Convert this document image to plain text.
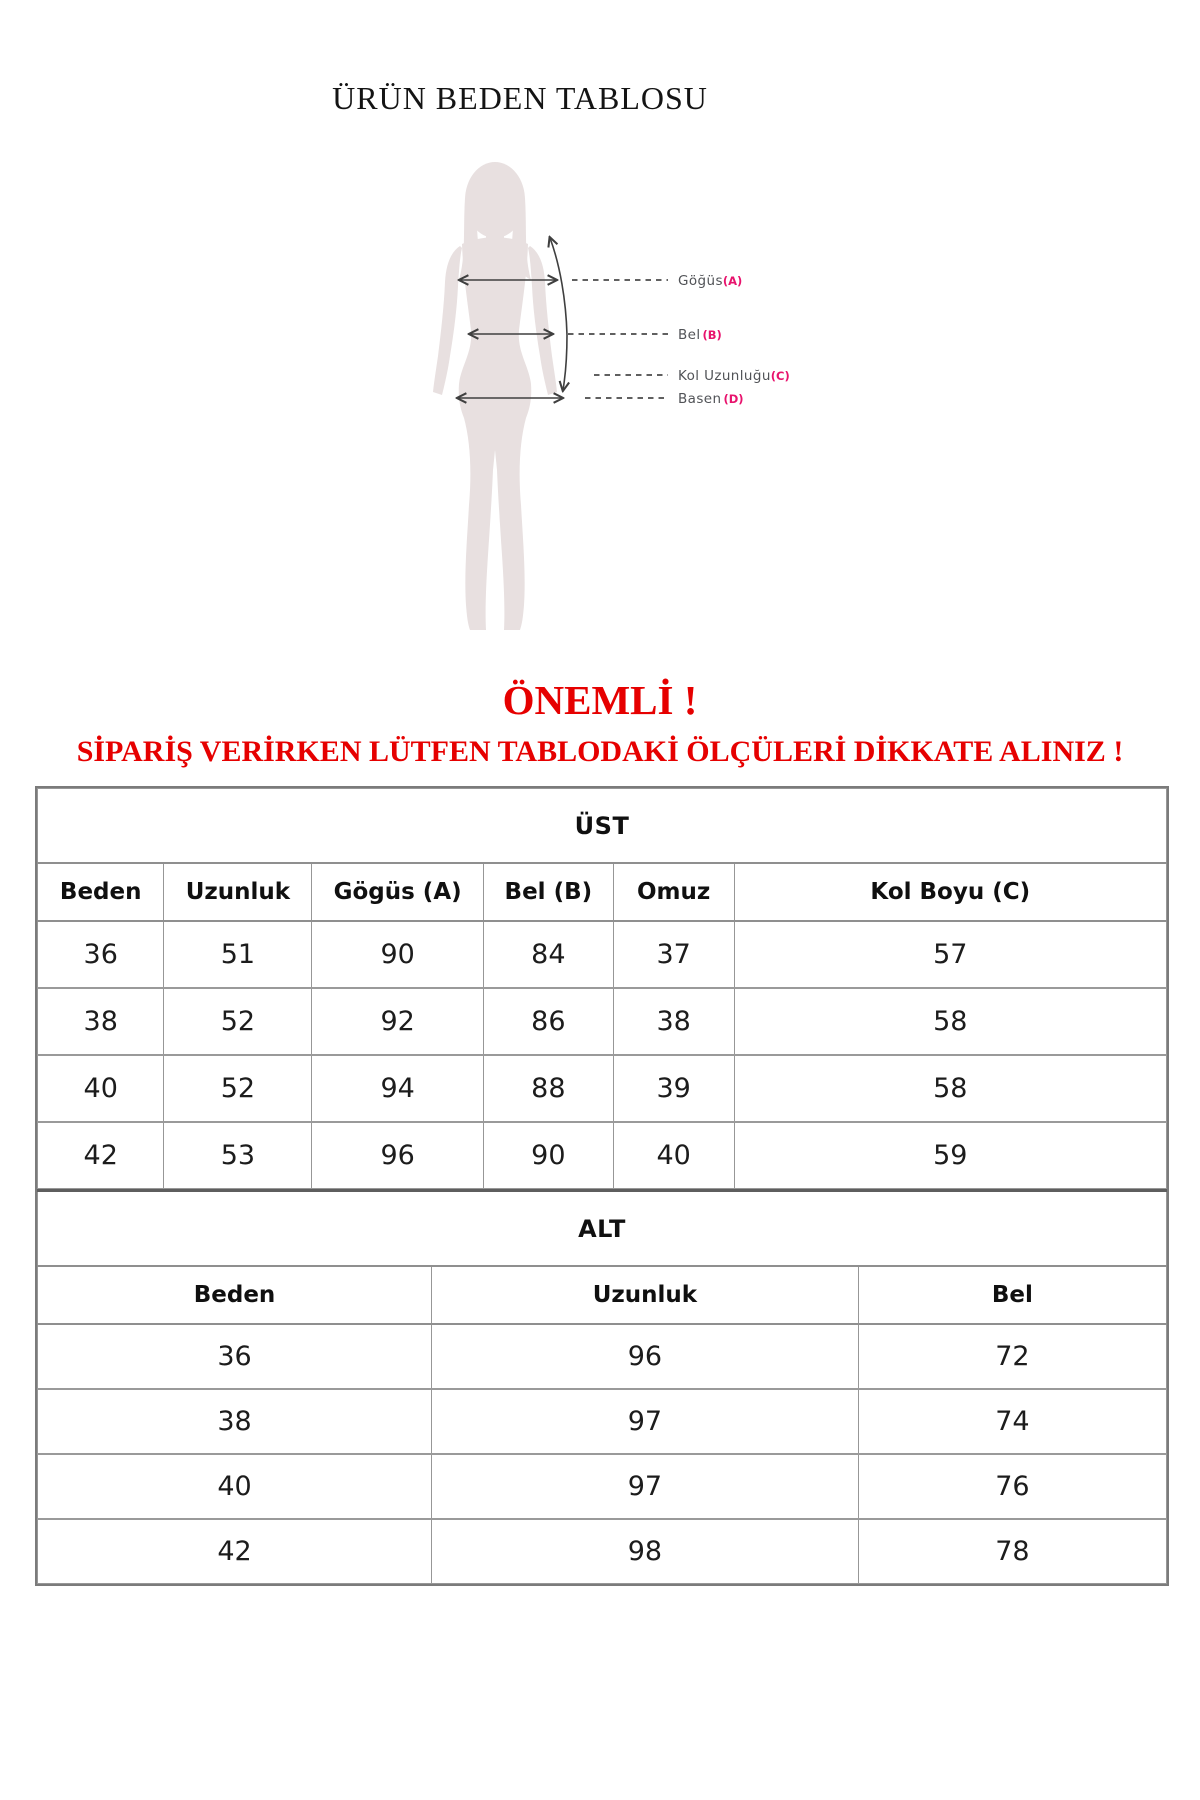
ÜRÜN BEDEN TABLOSU
Göğüs(A)
Bel (B)
Kol Uzunluğu(C)
Basen (D)

ÖNEMLİ !

SİPARİŞ VERİRKEN LÜTFEN TABLODAKİ ÖLÇÜLERİ DİKKATE ALINIZ !

ÜST					
Beden	Uzunluk	Gögüs (A)	Bel (B)	Omuz	Kol Boyu (C)
36	51	90	84	37	57
38	52	92	86	38	58
40	52	94	88	39	58
42	53	96	90	40	59
ALT		
Beden	Uzunluk	Bel
36	96	72
38	97	74
40	97	76
42	98	78
